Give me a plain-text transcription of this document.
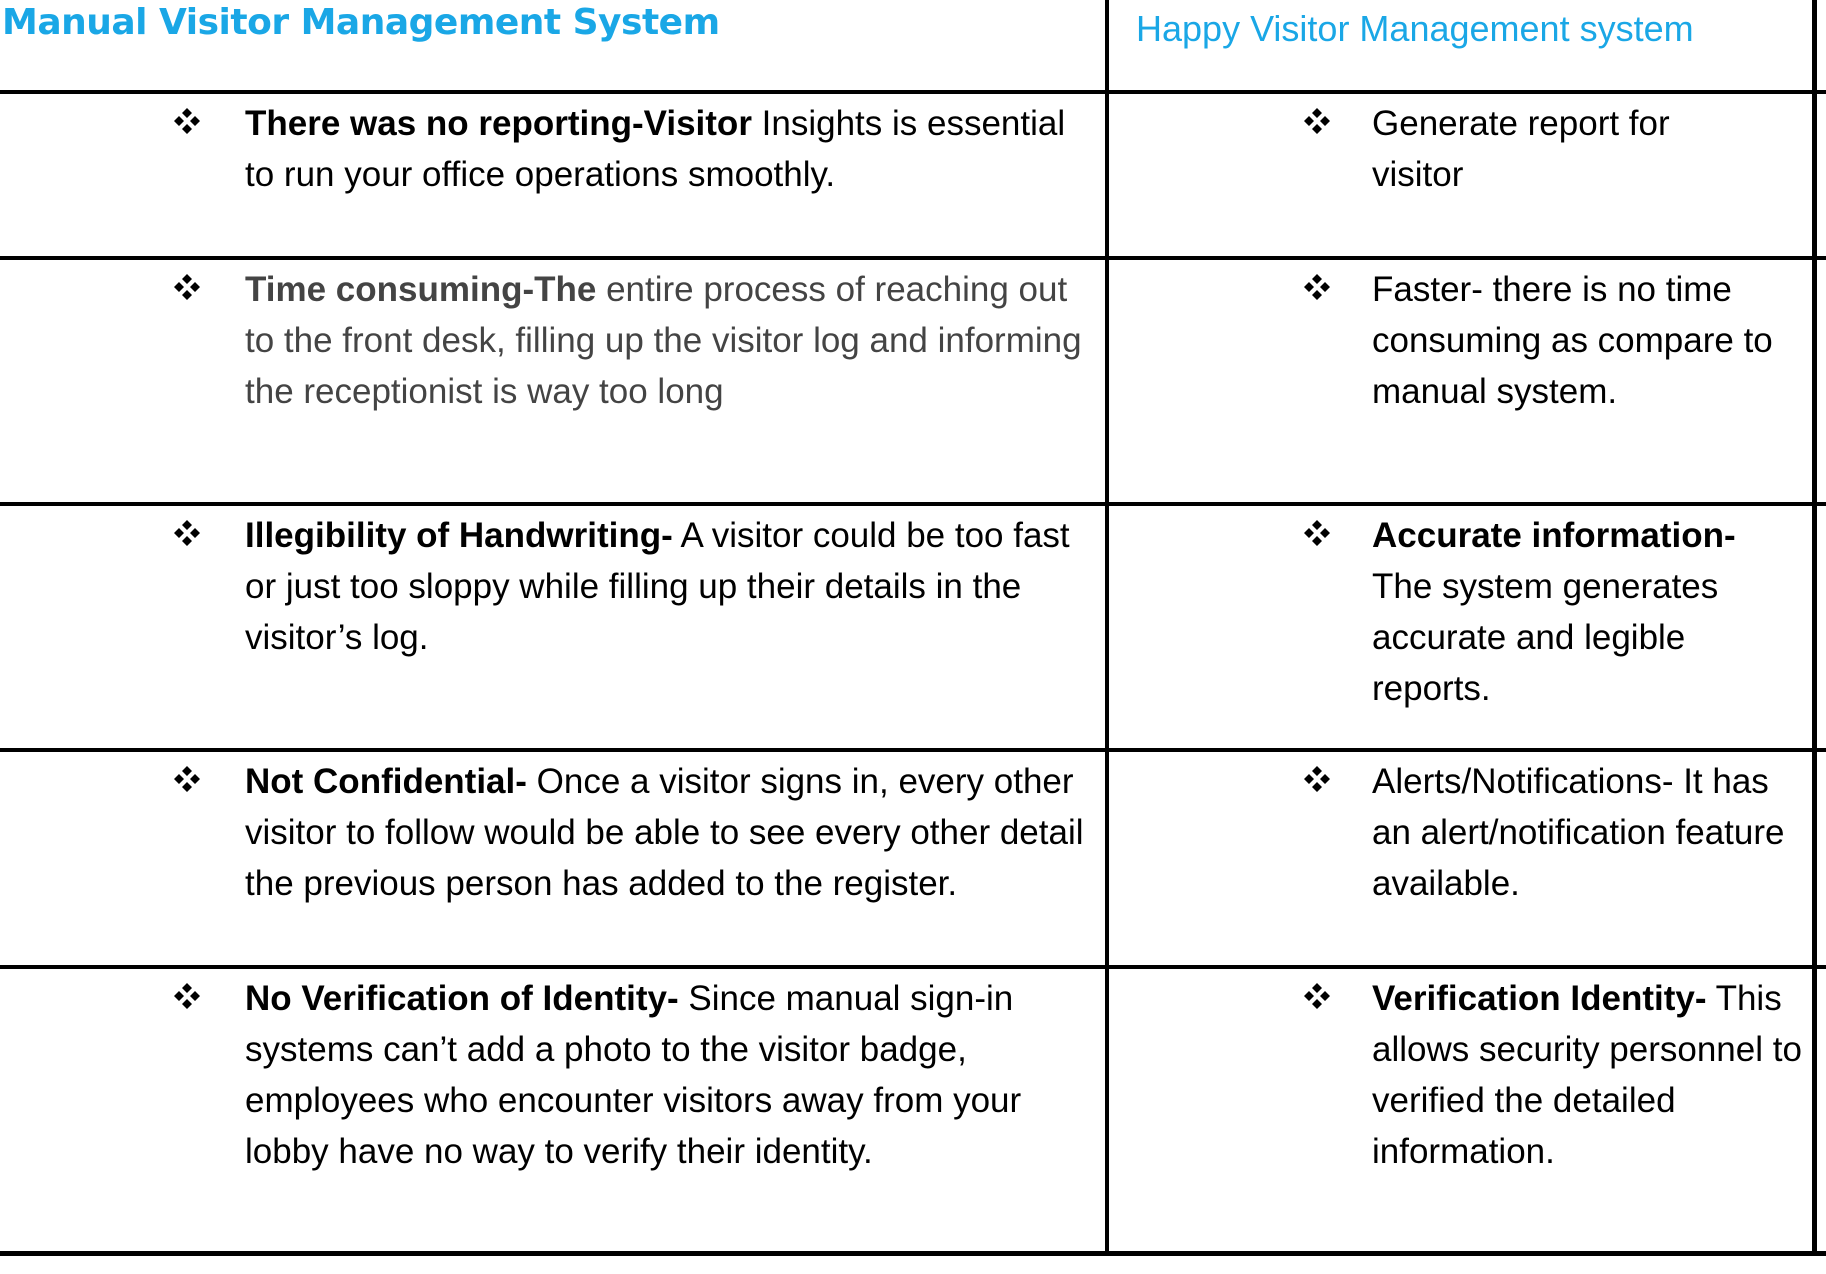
Manual Visitor Management System	Happy Visitor Management system
There was no reporting-Visitor Insights is essential to run your office operations smoothly.
Generate report for visitor
Time consuming-The entire process of reaching out to the front desk, filling up the visitor log and informing the receptionist is way too long
Faster- there is no time consuming as compare to manual system.
Illegibility of Handwriting- A visitor could be too fast or just too sloppy while filling up their details in the visitor’s log.
Accurate information- The system generates accurate and legible reports.
Not Confidential- Once a visitor signs in, every other visitor to follow would be able to see every other detail the previous person has added to the register.
Alerts/Notifications- It has an alert/notification feature available.
No Verification of Identity- Since manual sign-in systems can’t add a photo to the visitor badge, employees who encounter visitors away from your lobby have no way to verify their identity.
Verification Identity- This allows security personnel to verified the detailed information.
